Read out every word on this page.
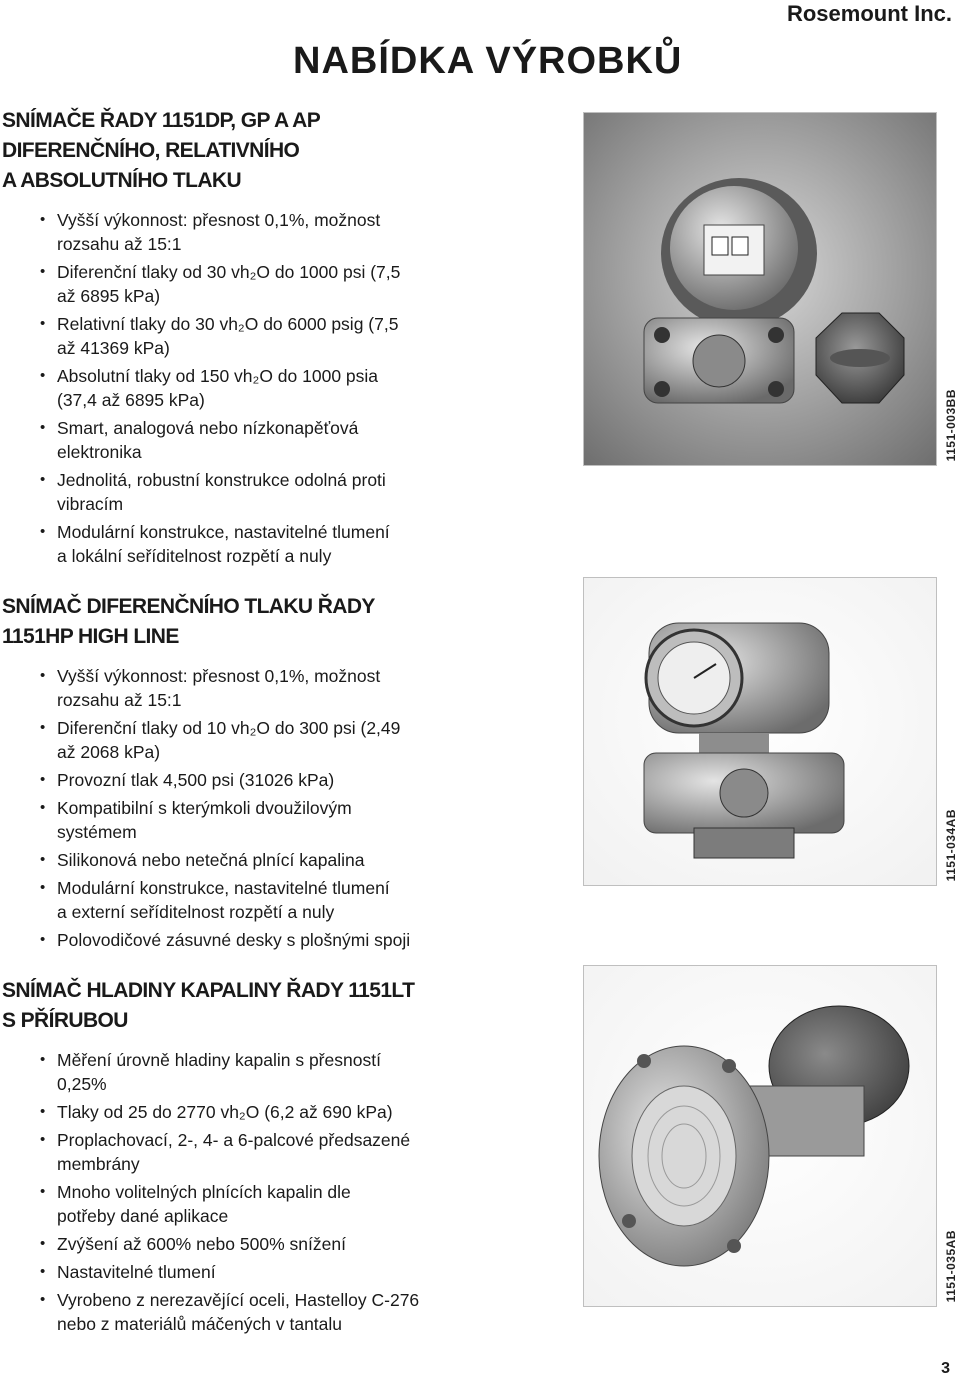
Rosemount Inc.
NABÍDKA VÝROBKŮ
SNÍMAČE ŘADY 1151DP, GP A AP
DIFERENČNÍHO, RELATIVNÍHO
A ABSOLUTNÍHO TLAKU
• Vyšší výkonnost: přesnost 0,1%, možnost
rozsahu až 15:1
• Diferenční tlaky od 30 vh₂O do 1000 psi (7,5
až 6895 kPa)
• Relativní tlaky do 30 vh₂O do 6000 psig (7,5
až 41369 kPa)
• Absolutní tlaky od 150 vh₂O do 1000 psia
(37,4 až 6895 kPa)
• Smart, analogová nebo nízkonapěťová
elektronika
• Jednolitá, robustní konstrukce odolná proti
vibracím
• Modulární konstrukce, nastavitelné tlumení
a lokální seříditelnost rozpětí a nuly
SNÍMAČ DIFERENČNÍHO TLAKU ŘADY
1151HP HIGH LINE
• Vyšší výkonnost: přesnost 0,1%, možnost
rozsahu až 15:1
• Diferenční tlaky od 10 vh₂O do 300 psi (2,49
až 2068 kPa)
• Provozní tlak 4,500 psi (31026 kPa)
• Kompatibilní s kterýmkoli dvoužilovým
systémem
• Silikonová nebo netečná plnící kapalina
• Modulární konstrukce, nastavitelné tlumení
a externí seříditelnost rozpětí a nuly
• Polovodičové zásuvné desky s plošnými spoji
SNÍMAČ HLADINY KAPALINY ŘADY 1151LT
S PŘÍRUBOU
• Měření úrovně hladiny kapalin s přesností
0,25%
• Tlaky od 25 do 2770 vh₂O (6,2 až 690 kPa)
• Proplachovací, 2-, 4- a 6-palcové předsazené
membrány
• Mnoho volitelných plnících kapalin dle
potřeby dané aplikace
• Zvýšení až 600% nebo 500% snížení
• Nastavitelné tlumení
• Vyrobeno z nerezavějící oceli, Hastelloy C-276
nebo z materiálů máčených v tantalu
1151-003BB
1151-034AB
1151-035AB
3
